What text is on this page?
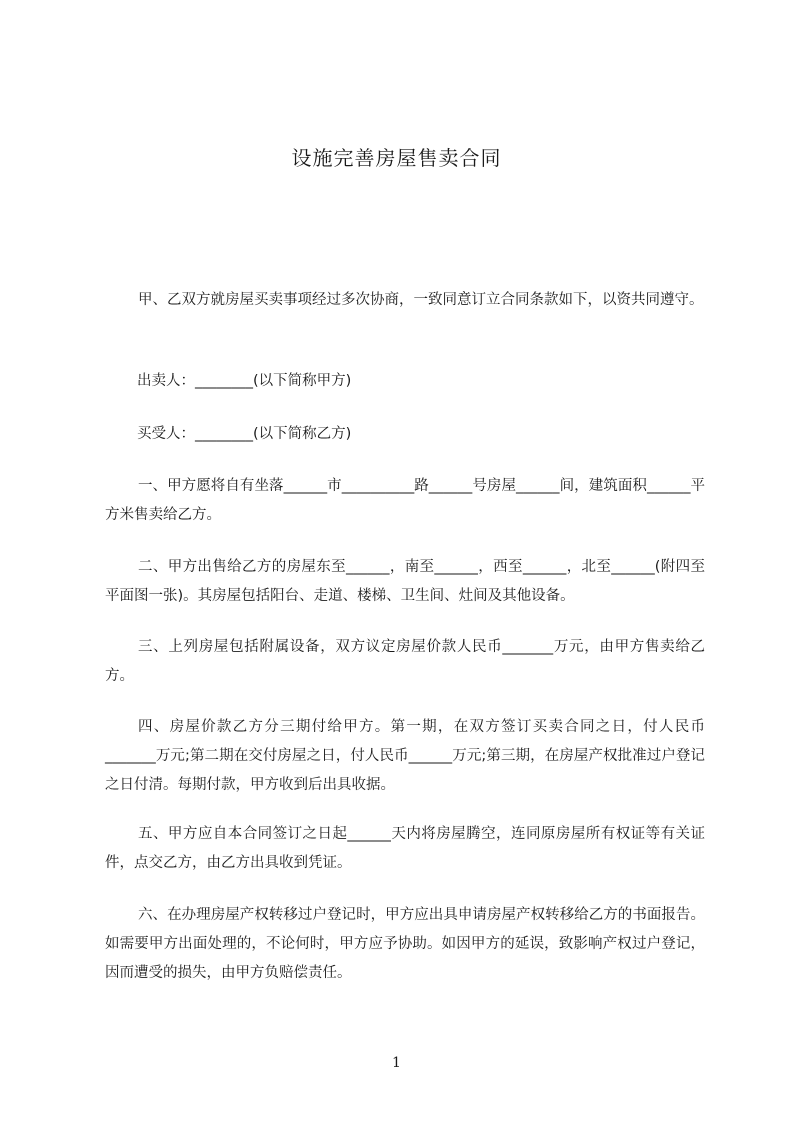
设施完善房屋售卖合同

甲、乙双方就房屋买卖事项经过多次协商，一致同意订立合同条款如下，以资共同遵守。

出卖人：________(以下简称甲方)

买受人：________(以下简称乙方)

一、甲方愿将自有坐落______市__________路______号房屋______间，建筑面积______平方米售卖给乙方。

二、甲方出售给乙方的房屋东至______，南至______，西至______，北至______(附四至平面图一张)。其房屋包括阳台、走道、楼梯、卫生间、灶间及其他设备。

三、上列房屋包括附属设备，双方议定房屋价款人民币_______万元，由甲方售卖给乙方。

四、房屋价款乙方分三期付给甲方。第一期，在双方签订买卖合同之日，付人民币_______万元;第二期在交付房屋之日，付人民币______万元;第三期，在房屋产权批准过户登记之日付清。每期付款，甲方收到后出具收据。

五、甲方应自本合同签订之日起______天内将房屋腾空，连同原房屋所有权证等有关证件，点交乙方，由乙方出具收到凭证。

六、在办理房屋产权转移过户登记时，甲方应出具申请房屋产权转移给乙方的书面报告。如需要甲方出面处理的，不论何时，甲方应予协助。如因甲方的延误，致影响产权过户登记，因而遭受的损失，由甲方负赔偿责任。

1
